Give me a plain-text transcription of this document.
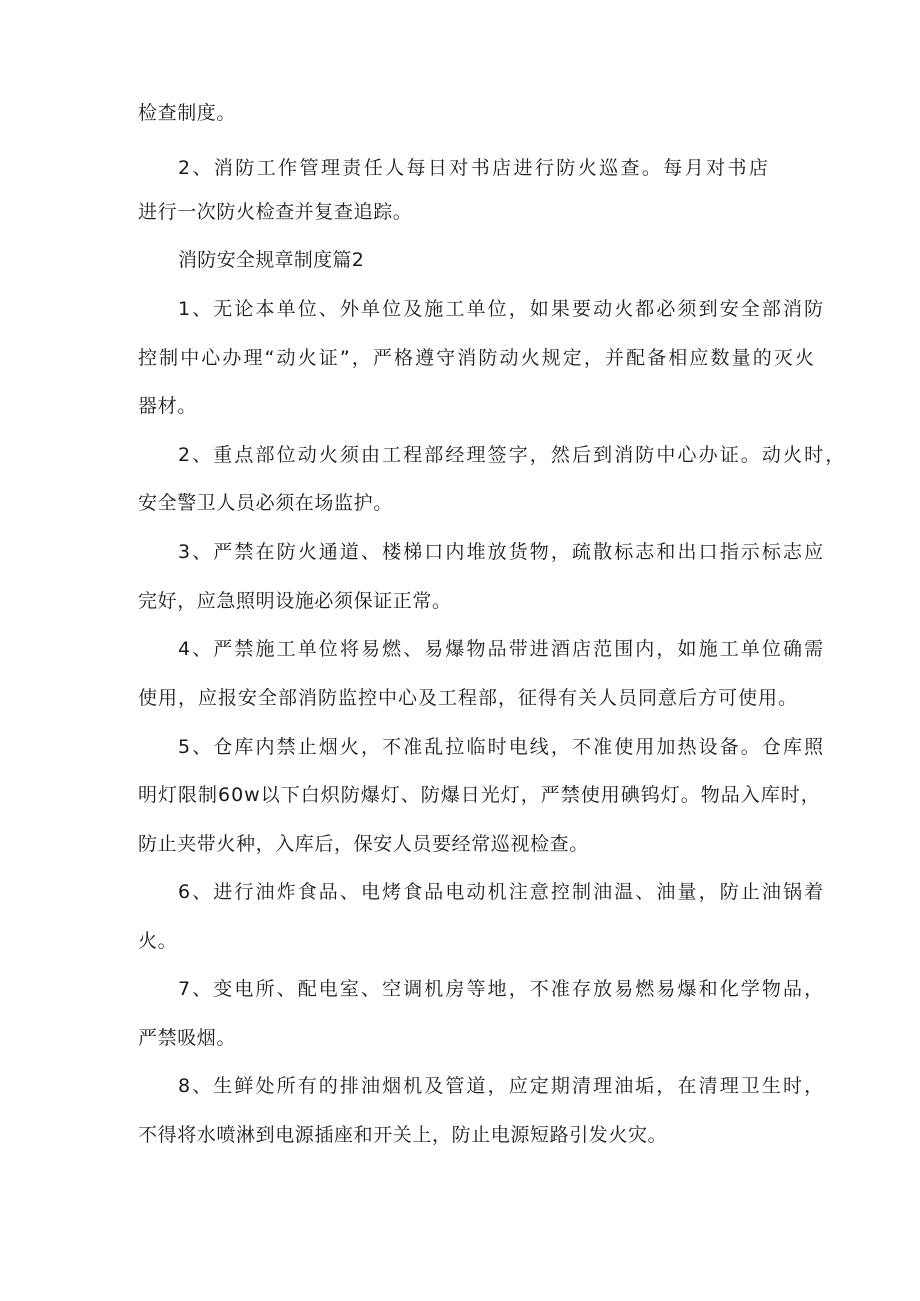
检查制度。
2、消防工作管理责任人每日对书店进行防火巡查。每月对书店
进行一次防火检查并复查追踪。
消防安全规章制度篇2
1、无论本单位、外单位及施工单位，如果要动火都必须到安全部消防
控制中心办理“动火证”，严格遵守消防动火规定，并配备相应数量的灭火
器材。
2、重点部位动火须由工程部经理签字，然后到消防中心办证。动火时，
安全警卫人员必须在场监护。
3、严禁在防火通道、楼梯口内堆放货物，疏散标志和出口指示标志应
完好，应急照明设施必须保证正常。
4、严禁施工单位将易燃、易爆物品带进酒店范围内，如施工单位确需
使用，应报安全部消防监控中心及工程部，征得有关人员同意后方可使用。
5、仓库内禁止烟火，不准乱拉临时电线，不准使用加热设备。仓库照
明灯限制60w以下白炽防爆灯、防爆日光灯，严禁使用碘钨灯。物品入库时，
防止夹带火种，入库后，保安人员要经常巡视检查。
6、进行油炸食品、电烤食品电动机注意控制油温、油量，防止油锅着
火。
7、变电所、配电室、空调机房等地，不准存放易燃易爆和化学物品，
严禁吸烟。
8、生鲜处所有的排油烟机及管道，应定期清理油垢，在清理卫生时，
不得将水喷淋到电源插座和开关上，防止电源短路引发火灾。
